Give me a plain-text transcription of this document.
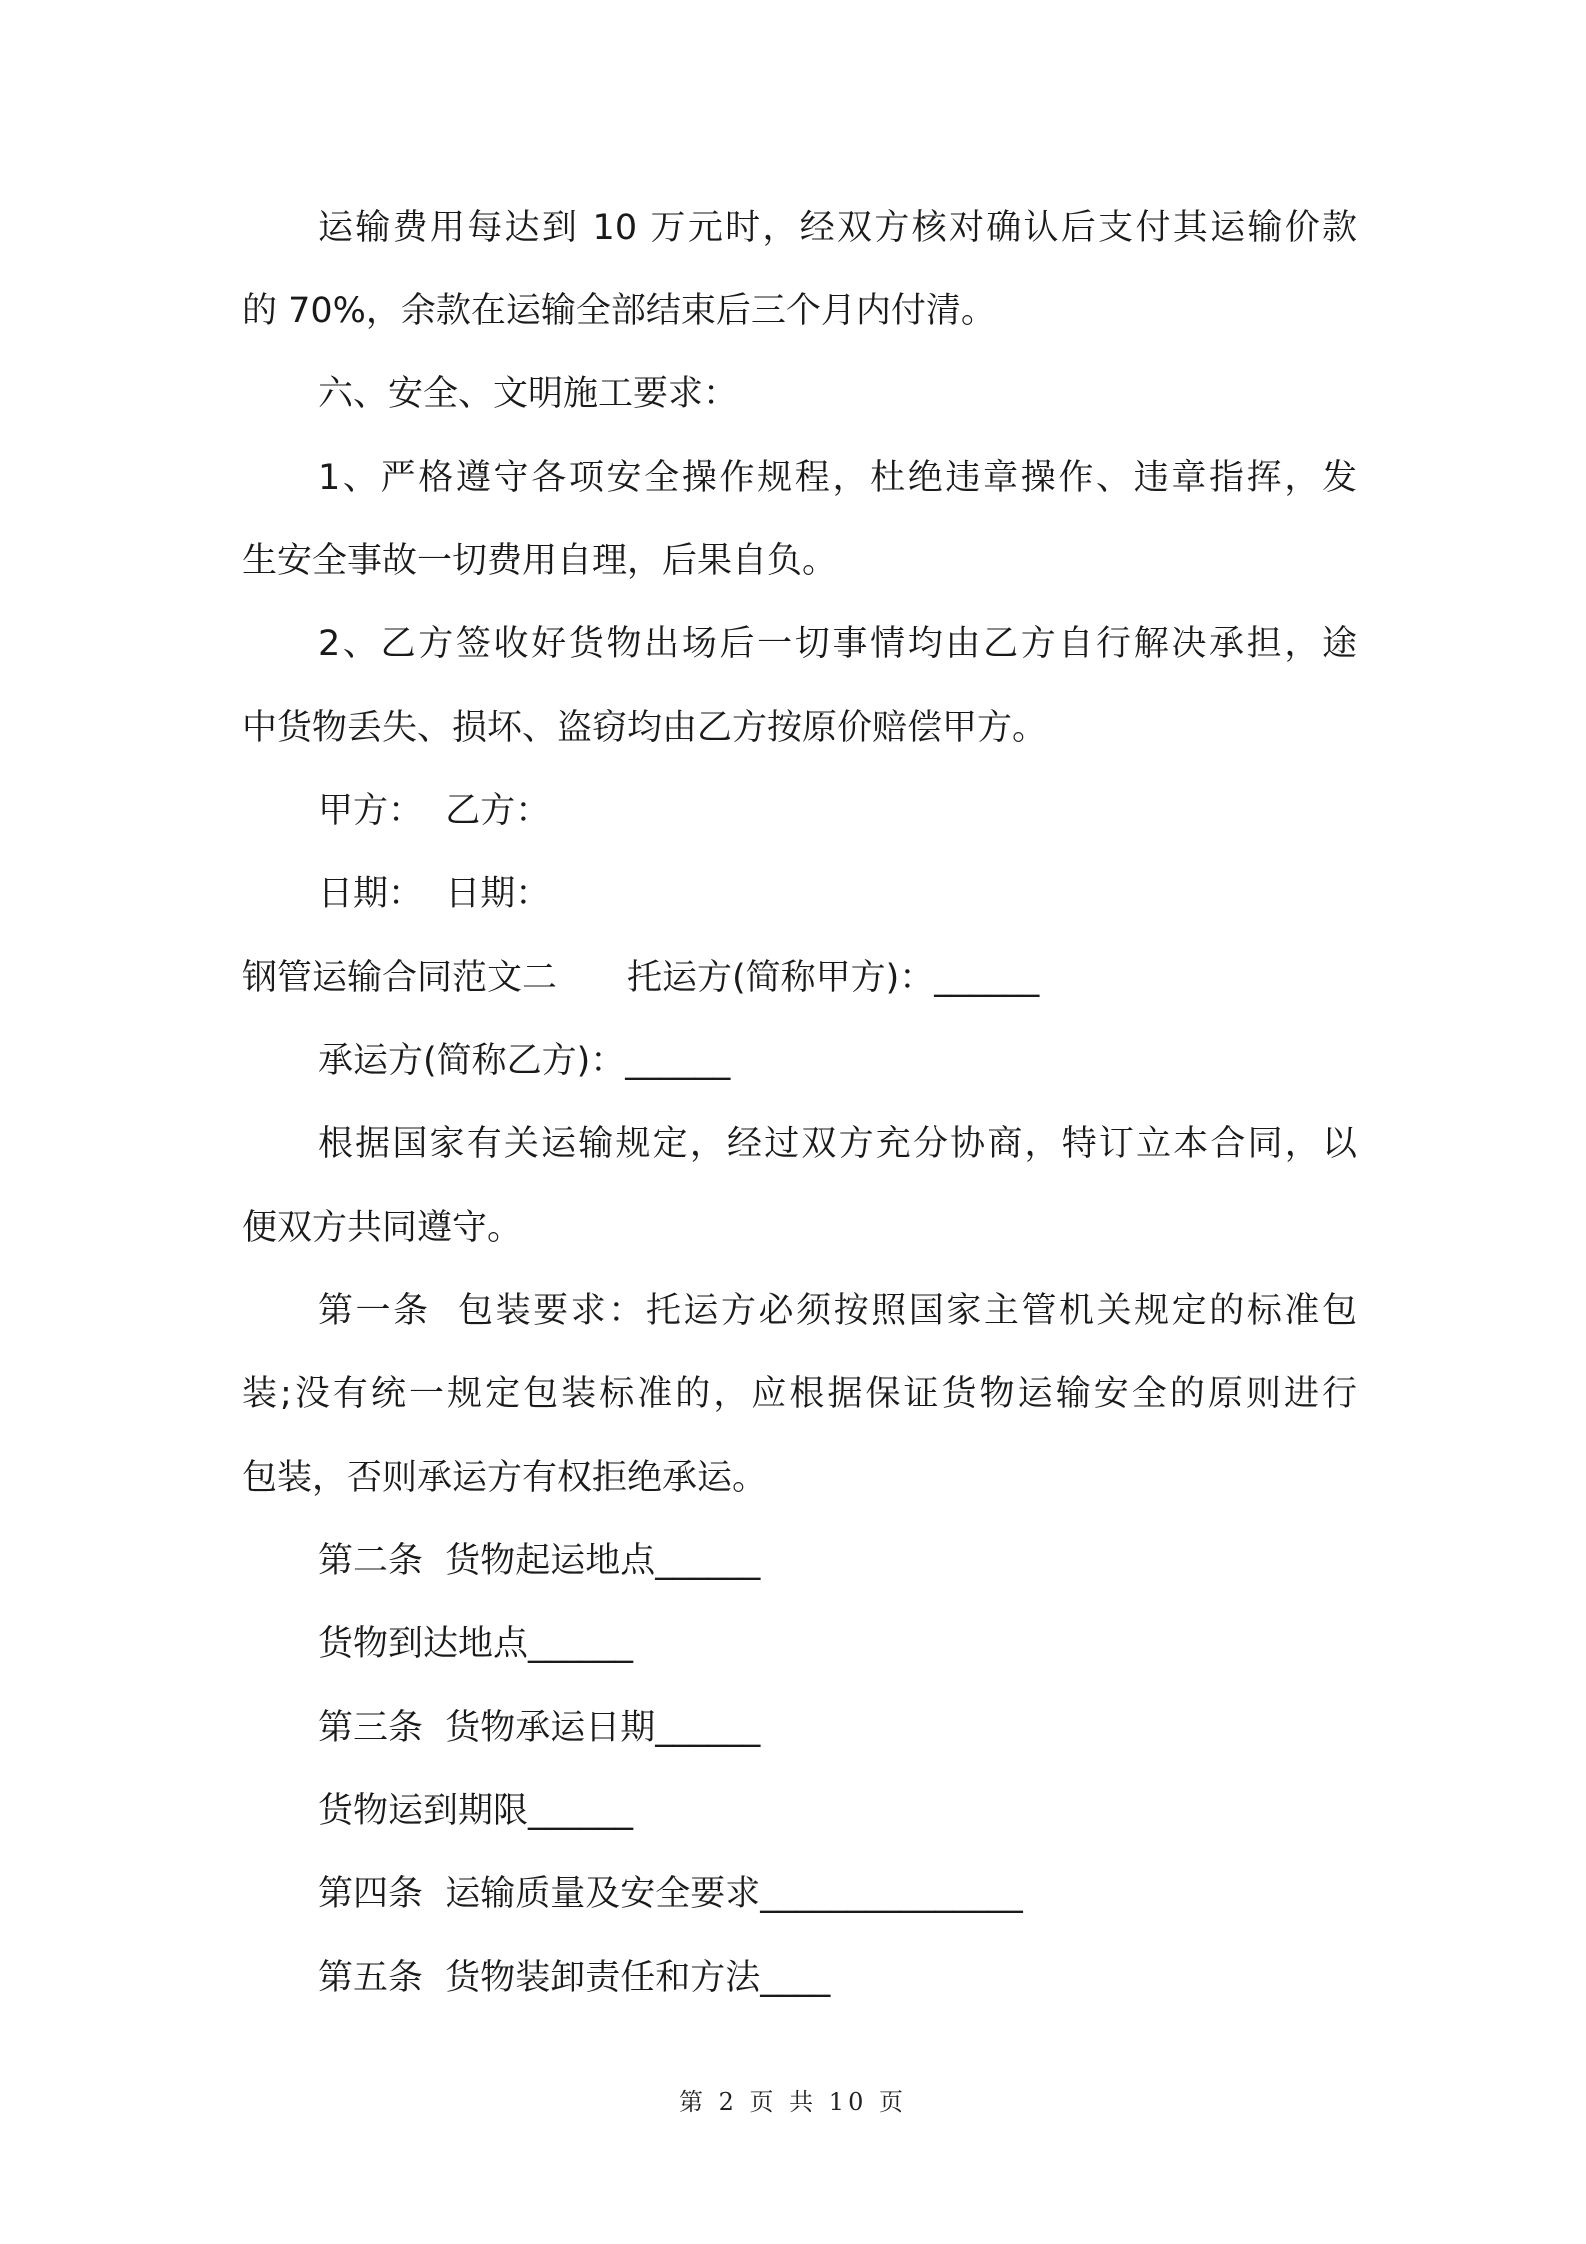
运输费用每达到 10 万元时，经双方核对确认后支付其运输价款
的 70%，余款在运输全部结束后三个月内付清。
六、安全、文明施工要求：
1、严格遵守各项安全操作规程，杜绝违章操作、违章指挥，发
生安全事故一切费用自理，后果自负。
2、乙方签收好货物出场后一切事情均由乙方自行解决承担，途
中货物丢失、损坏、盗窃均由乙方按原价赔偿甲方。
甲方：  乙方：
日期：  日期：
钢管运输合同范文二　　托运方(简称甲方)：______
承运方(简称乙方)：______
根据国家有关运输规定，经过双方充分协商，特订立本合同，以
便双方共同遵守。
第一条  包装要求：托运方必须按照国家主管机关规定的标准包
装;没有统一规定包装标准的，应根据保证货物运输安全的原则进行
包装，否则承运方有权拒绝承运。
第二条  货物起运地点______
货物到达地点______
第三条  货物承运日期______
货物运到期限______
第四条  运输质量及安全要求_______________
第五条  货物装卸责任和方法____
第 2 页 共 10 页
